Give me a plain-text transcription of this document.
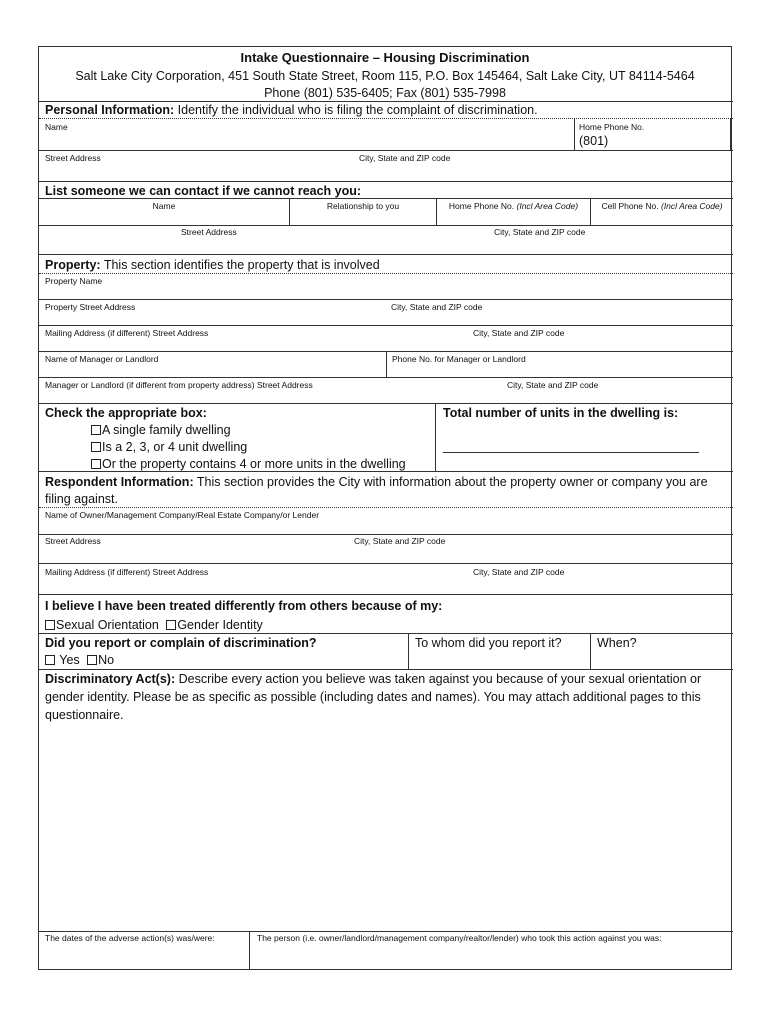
Intake Questionnaire – Housing Discrimination
Salt Lake City Corporation, 451 South State Street, Room 115, P.O. Box 145464, Salt Lake City, UT 84114-5464
Phone (801) 535-6405; Fax (801) 535-7998
Personal Information: Identify the individual who is filing the complaint of discrimination.
Name	Home Phone No.
(801)
Street Address	City, State and ZIP code
List someone we can contact if we cannot reach you:
Name	Relationship to you	Home Phone No. (Incl Area Code)	Cell Phone No. (Incl Area Code)
Street Address	City, State and ZIP code
Property: This section identifies the property that is involved
Property Name
Property Street Address	City, State and ZIP code
Mailing Address (if different) Street Address	City, State and ZIP code
Name of Manager or Landlord	Phone No. for Manager or Landlord
Manager or Landlord (if different from property address) Street Address	City, State and ZIP code
Check the appropriate box:
A single family dwelling
Is a 2, 3, or 4 unit dwelling
Or the property contains 4 or more units in the dwelling
Total number of units in the dwelling is:
Respondent Information: This section provides the City with information about the property owner or company you are
filing against.
Name of Owner/Management Company/Real Estate Company/or Lender
Street Address	City, State and ZIP code
Mailing Address (if different) Street Address	City, State and ZIP code
I believe I have been treated differently from others because of my:
Sexual Orientation Gender Identity
Did you report or complain of discrimination?
Yes No
To whom did you report it?	When?
Discriminatory Act(s): Describe every action you believe was taken against you because of your sexual orientation or
gender identity. Please be as specific as possible (including dates and names). You may attach additional pages to this
questionnaire.
The dates of the adverse action(s) was/were:	The person (i.e. owner/landlord/management company/realtor/lender) who took this action against you was:
